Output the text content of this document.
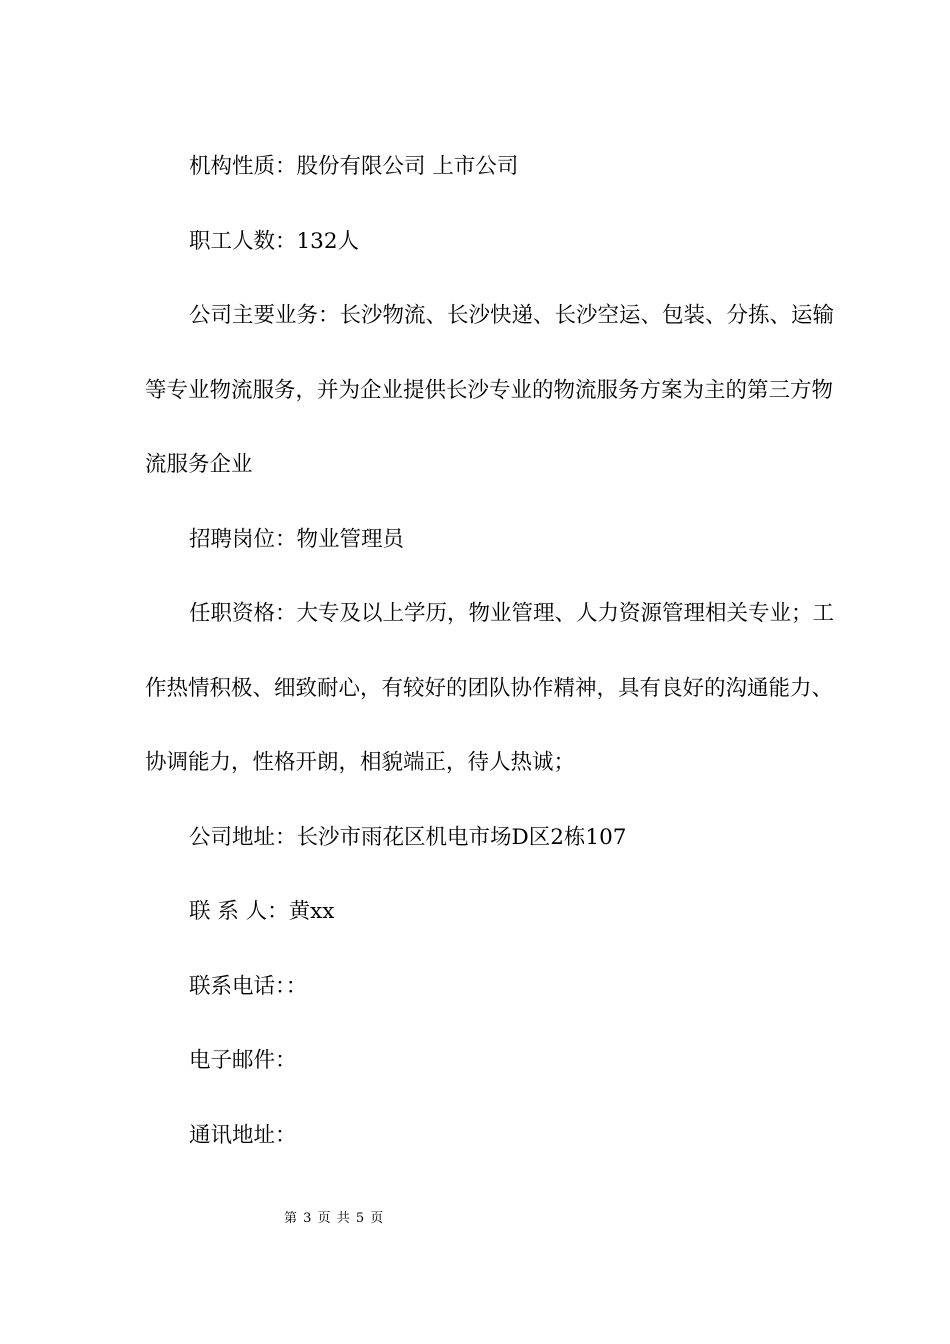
机构性质：股份有限公司 上市公司

职工人数：132人

公司主要业务：长沙物流、长沙快递、长沙空运、包装、分拣、运输等专业物流服务，并为企业提供长沙专业的物流服务方案为主的第三方物流服务企业

招聘岗位：物业管理员

任职资格：大专及以上学历，物业管理、人力资源管理相关专业；工作热情积极、细致耐心，有较好的团队协作精神，具有良好的沟通能力、协调能力，性格开朗，相貌端正，待人热诚；

公司地址：长沙市雨花区机电市场D区2栋107

联 系 人：黄xx

联系电话：：

电子邮件：

通讯地址：

第 3 页 共 5 页
